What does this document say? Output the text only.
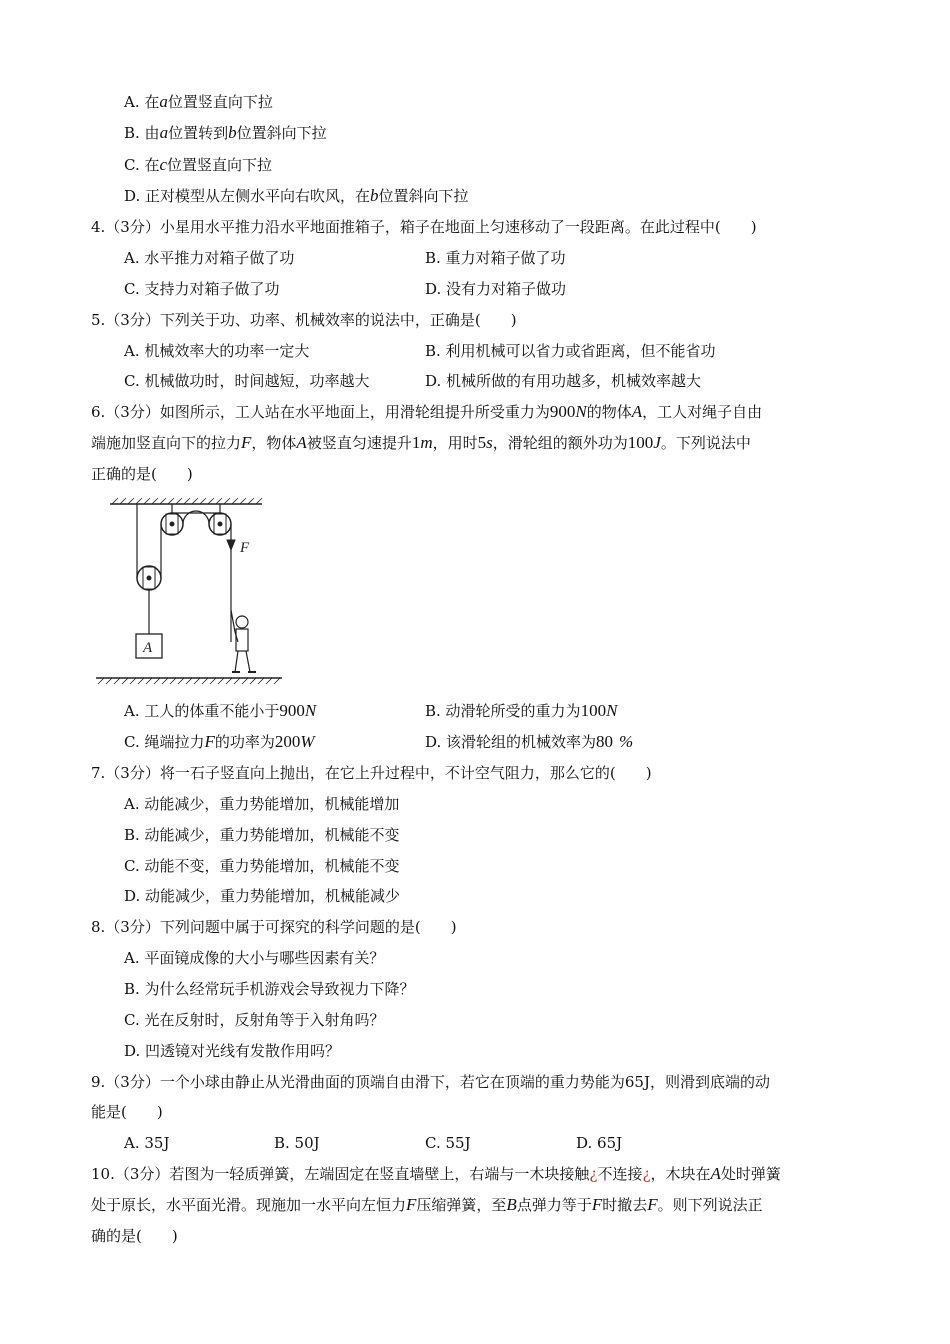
A. 在a位置竖直向下拉
B. 由a位置转到b位置斜向下拉
C. 在c位置竖直向下拉
D. 正对模型从左侧水平向右吹风，在b位置斜向下拉
4.（3分）小星用水平推力沿水平地面推箱子，箱子在地面上匀速移动了一段距离。在此过程中(　　)
A. 水平推力对箱子做了功	B. 重力对箱子做了功
C. 支持力对箱子做了功	D. 没有力对箱子做功
5.（3分）下列关于功、功率、机械效率的说法中，正确是(　　)
A. 机械效率大的功率一定大	B. 利用机械可以省力或省距离，但不能省功
C. 机械做功时，时间越短，功率越大	D. 机械所做的有用功越多，机械效率越大
6.（3分）如图所示，工人站在水平地面上，用滑轮组提升所受重力为900N的物体A，工人对绳子自由
端施加竖直向下的拉力F，物体A被竖直匀速提升1m，用时5s，滑轮组的额外功为100J。下列说法中
正确的是(　　)
F
A
A. 工人的体重不能小于900N	B. 动滑轮所受的重力为100N
C. 绳端拉力F的功率为200W	D. 该滑轮组的机械效率为80 %
7.（3分）将一石子竖直向上抛出，在它上升过程中，不计空气阻力，那么它的(　　)
A. 动能减少，重力势能增加，机械能增加
B. 动能减少，重力势能增加，机械能不变
C. 动能不变，重力势能增加，机械能不变
D. 动能减少，重力势能增加，机械能减少
8.（3分）下列问题中属于可探究的科学问题的是(　　)
A. 平面镜成像的大小与哪些因素有关？
B. 为什么经常玩手机游戏会导致视力下降？
C. 光在反射时，反射角等于入射角吗？
D. 凹透镜对光线有发散作用吗？
9.（3分）一个小球由静止从光滑曲面的顶端自由滑下，若它在顶端的重力势能为65J，则滑到底端的动
能是(　　)
A. 35J	B. 50J	C. 55J	D. 65J
10.（3分）若图为一轻质弹簧，左端固定在竖直墙壁上，右端与一木块接触¿不连接¿，木块在A处时弹簧
处于原长，水平面光滑。现施加一水平向左恒力F压缩弹簧，至B点弹力等于F时撤去F。则下列说法正
确的是(　　)
